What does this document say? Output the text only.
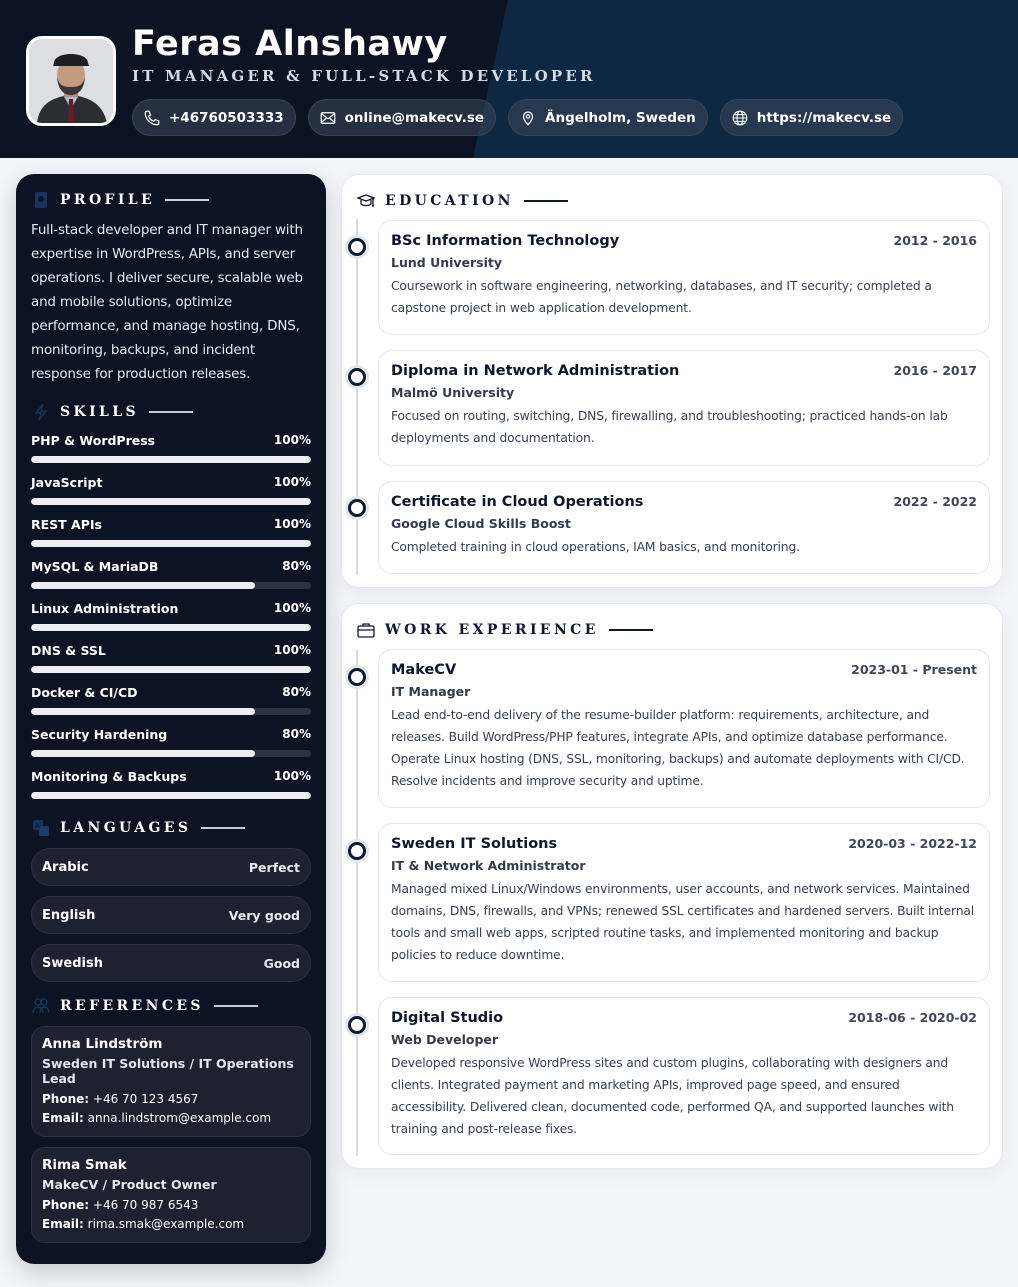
Feras Alnshawy
IT MANAGER & FULL-STACK DEVELOPER
+46760503333	online@makecv.se	Ängelholm, Sweden	https://makecv.se
PROFILE

Full-stack developer and IT manager with expertise in WordPress, APIs, and server operations. I deliver secure, scalable web and mobile solutions, optimize performance, and manage hosting, DNS, monitoring, backups, and incident response for production releases.

SKILLS
PHP & WordPress	100%
JavaScript	100%
REST APIs	100%
MySQL & MariaDB	80%
Linux Administration	100%
DNS & SSL	100%
Docker & CI/CD	80%
Security Hardening	80%
Monitoring & Backups	100%
A LANGUAGES
Arabic	Perfect
English	Very good
Swedish	Good
REFERENCES
Anna Lindström
Sweden IT Solutions / IT Operations Lead
Phone: +46 70 123 4567
Email: anna.lindstrom@example.com
Rima Smak
MakeCV / Product Owner
Phone: +46 70 987 6543
Email: rima.smak@example.com
EDUCATION
BSc Information Technology	2012 - 2016
Lund University
Coursework in software engineering, networking, databases, and IT security; completed a capstone project in web application development.
Diploma in Network Administration	2016 - 2017
Malmö University
Focused on routing, switching, DNS, firewalling, and troubleshooting; practiced hands-on lab deployments and documentation.
Certificate in Cloud Operations	2022 - 2022
Google Cloud Skills Boost
Completed training in cloud operations, IAM basics, and monitoring.
WORK EXPERIENCE
MakeCV	2023-01 - Present
IT Manager
Lead end-to-end delivery of the resume-builder platform: requirements, architecture, and releases. Build WordPress/PHP features, integrate APIs, and optimize database performance. Operate Linux hosting (DNS, SSL, monitoring, backups) and automate deployments with CI/CD. Resolve incidents and improve security and uptime.
Sweden IT Solutions	2020-03 - 2022-12
IT & Network Administrator
Managed mixed Linux/Windows environments, user accounts, and network services. Maintained domains, DNS, firewalls, and VPNs; renewed SSL certificates and hardened servers. Built internal tools and small web apps, scripted routine tasks, and implemented monitoring and backup policies to reduce downtime.
Digital Studio	2018-06 - 2020-02
Web Developer
Developed responsive WordPress sites and custom plugins, collaborating with designers and clients. Integrated payment and marketing APIs, improved page speed, and ensured accessibility. Delivered clean, documented code, performed QA, and supported launches with training and post-release fixes.
